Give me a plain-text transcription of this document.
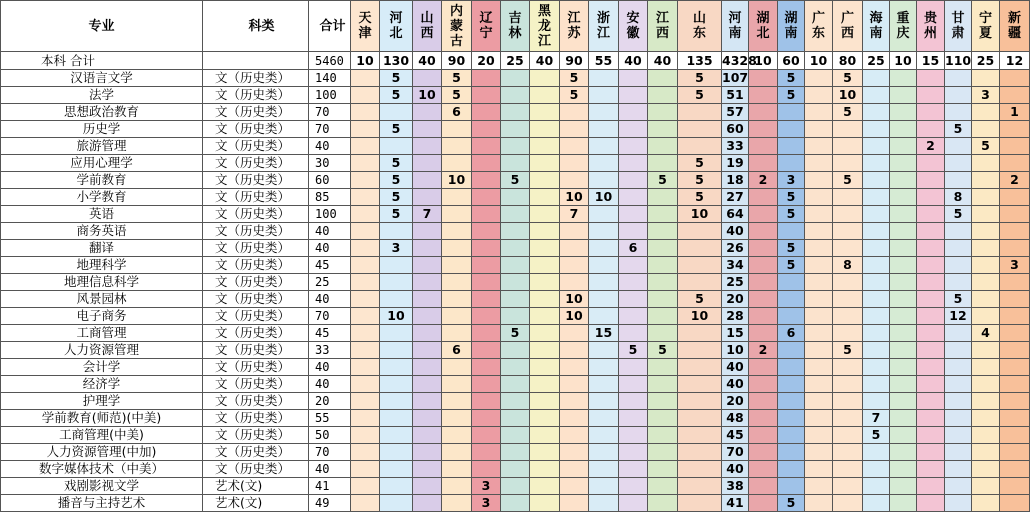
专业	科类	合计	天津	河北	山西	内蒙古	辽宁	吉林	黑龙江	江苏	浙江	安徽	江西	山东	河南	湖北	湖南	广东	广西	海南	重庆	贵州	甘肃	宁夏	新疆
本科 合计		5460	10	130	40	90	20	25	40	90	55	40	40	135	4328	10	60	10	80	25	10	15	110	25	12
汉语言文学	文（历史类）	140		5		5				5				5	107		5		5						
法学	文（历史类）	100		5	10	5				5				5	51		5		10					3	
思想政治教育	文（历史类）	70				6									57				5						1
历史学	文（历史类）	70		5											60								5		
旅游管理	文（历史类）	40													33							2		5	
应用心理学	文（历史类）	30		5										5	19										
学前教育	文（历史类）	60		5		10		5					5	5	18	2	3		5						2
小学教育	文（历史类）	85		5						10	10			5	27		5						8		
英语	文（历史类）	100		5	7					7				10	64		5						5		
商务英语	文（历史类）	40													40										
翻译	文（历史类）	40		3								6			26		5								
地理科学	文（历史类）	45													34		5		8						3
地理信息科学	文（历史类）	25													25										
风景园林	文（历史类）	40								10				5	20								5		
电子商务	文（历史类）	70		10						10				10	28								12		
工商管理	文（历史类）	45						5			15				15		6							4	
人力资源管理	文（历史类）	33				6						5	5		10	2			5						
会计学	文（历史类）	40													40										
经济学	文（历史类）	40													40										
护理学	文（历史类）	20													20										
学前教育(师范)(中美)	文（历史类）	55													48					7					
工商管理(中美)	文（历史类）	50													45					5					
人力资源管理(中加)	文（历史类）	70													70										
数字媒体技术（中美）	文（历史类）	40													40										
戏剧影视文学	艺术(文)	41					3								38										
播音与主持艺术	艺术(文)	49					3								41		5								
